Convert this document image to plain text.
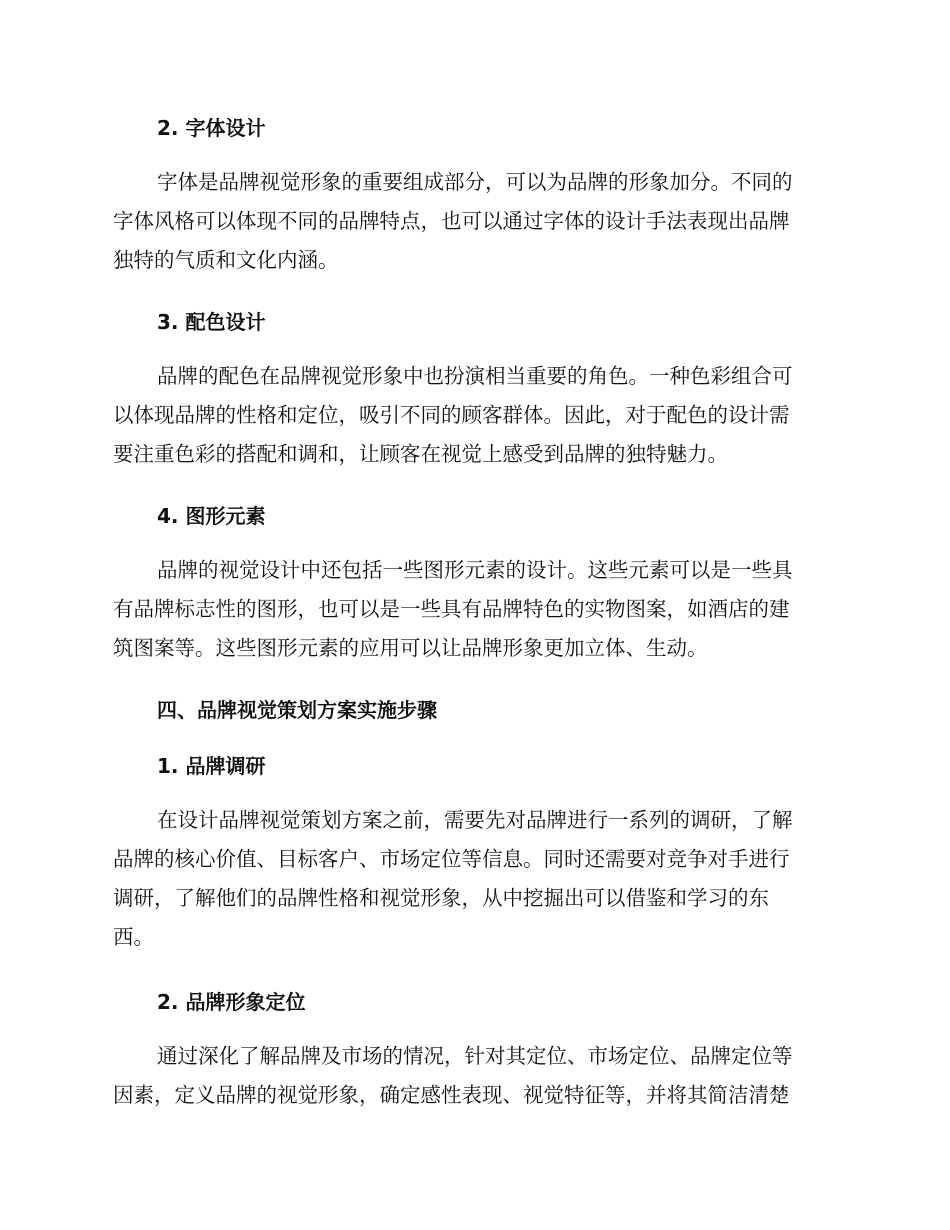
2. 字体设计

字体是品牌视觉形象的重要组成部分，可以为品牌的形象加分。不同的
字体风格可以体现不同的品牌特点，也可以通过字体的设计手法表现出品牌
独特的气质和文化内涵。

3. 配色设计

品牌的配色在品牌视觉形象中也扮演相当重要的角色。一种色彩组合可
以体现品牌的性格和定位，吸引不同的顾客群体。因此，对于配色的设计需
要注重色彩的搭配和调和，让顾客在视觉上感受到品牌的独特魅力。

4. 图形元素

品牌的视觉设计中还包括一些图形元素的设计。这些元素可以是一些具
有品牌标志性的图形，也可以是一些具有品牌特色的实物图案，如酒店的建
筑图案等。这些图形元素的应用可以让品牌形象更加立体、生动。

四、品牌视觉策划方案实施步骤
1. 品牌调研

在设计品牌视觉策划方案之前，需要先对品牌进行一系列的调研，了解
品牌的核心价值、目标客户、市场定位等信息。同时还需要对竞争对手进行
调研，了解他们的品牌性格和视觉形象，从中挖掘出可以借鉴和学习的东
西。

2. 品牌形象定位

通过深化了解品牌及市场的情况，针对其定位、市场定位、品牌定位等
因素，定义品牌的视觉形象，确定感性表现、视觉特征等，并将其简洁清楚
